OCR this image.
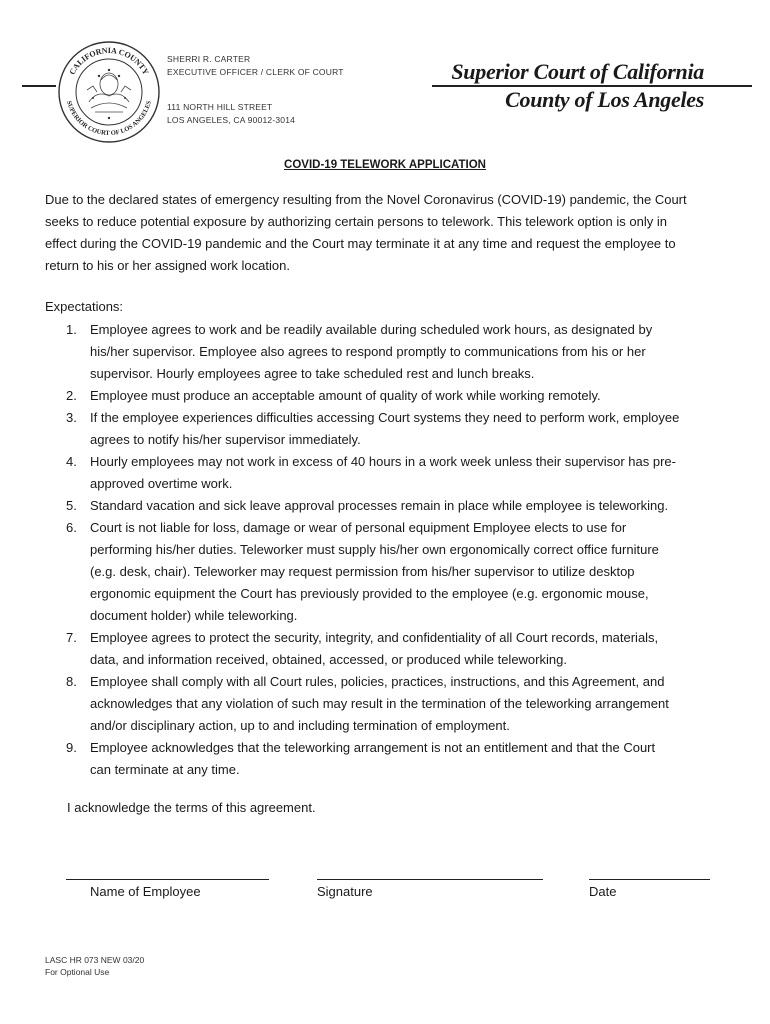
CALIFORNIA COUNTY
SUPERIOR COURT OF LOS ANGELES
SHERRI R. CARTER
EXECUTIVE OFFICER / CLERK OF COURT
111 NORTH HILL STREET
LOS ANGELES, CA 90012-3014
Superior Court of California
County of Los Angeles
COVID-19 TELEWORK APPLICATION

Due to the declared states of emergency resulting from the Novel Coronavirus (COVID-19) pandemic, the Court
seeks to reduce potential exposure by authorizing certain persons to telework. This telework option is only in
effect during the COVID-19 pandemic and the Court may terminate it at any time and request the employee to
return to his or her assigned work location.

Expectations:
1. Employee agrees to work and be readily available during scheduled work hours, as designated by
his/her supervisor. Employee also agrees to respond promptly to communications from his or her
supervisor. Hourly employees agree to take scheduled rest and lunch breaks.
2. Employee must produce an acceptable amount of quality of work while working remotely.
3. If the employee experiences difficulties accessing Court systems they need to perform work, employee
agrees to notify his/her supervisor immediately.
4. Hourly employees may not work in excess of 40 hours in a work week unless their supervisor has pre-
approved overtime work.
5. Standard vacation and sick leave approval processes remain in place while employee is teleworking.
6. Court is not liable for loss, damage or wear of personal equipment Employee elects to use for
performing his/her duties. Teleworker must supply his/her own ergonomically correct office furniture
(e.g. desk, chair). Teleworker may request permission from his/her supervisor to utilize desktop
ergonomic equipment the Court has previously provided to the employee (e.g. ergonomic mouse,
document holder) while teleworking.
7. Employee agrees to protect the security, integrity, and confidentiality of all Court records, materials,
data, and information received, obtained, accessed, or produced while teleworking.
8. Employee shall comply with all Court rules, policies, practices, instructions, and this Agreement, and
acknowledges that any violation of such may result in the termination of the teleworking arrangement
and/or disciplinary action, up to and including termination of employment.
9. Employee acknowledges that the teleworking arrangement is not an entitlement and that the Court
can terminate at any time.
I acknowledge the terms of this agreement.
Name of Employee	Signature	Date
LASC HR 073 NEW 03/20
For Optional Use
